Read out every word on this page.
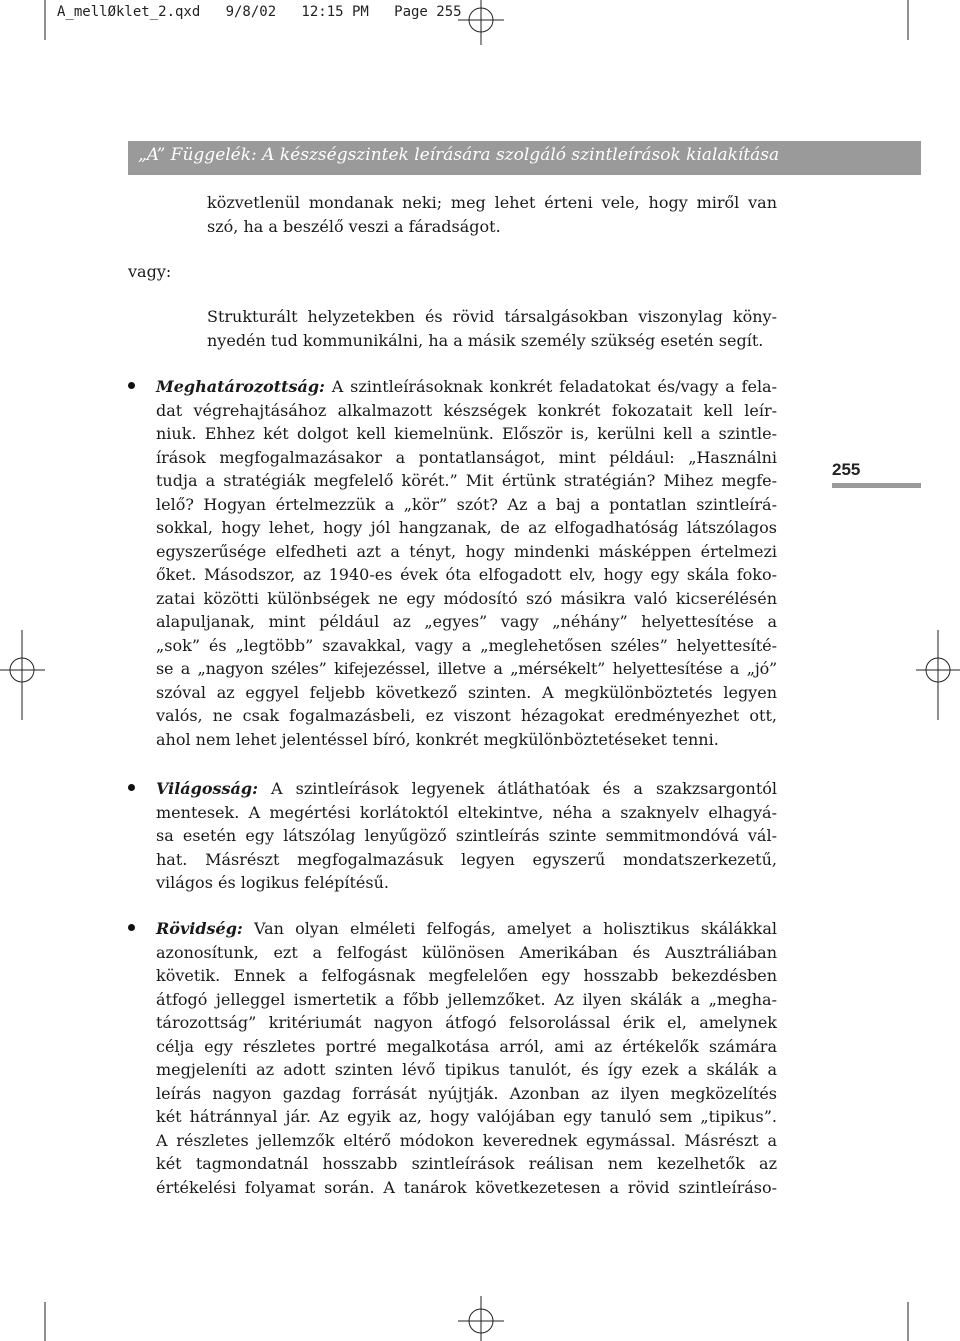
A_mellØklet_2.qxd   9/8/02   12:15 PM   Page 255
„A” Függelék: A készségszintek leírására szolgáló szintleírások kialakítása
255
közvetlenül mondanak neki; meg lehet érteni vele, hogy miről van
szó, ha a beszélő veszi a fáradságot.
vagy:
Strukturált helyzetekben és rövid társalgásokban viszonylag köny-
nyedén tud kommunikálni, ha a másik személy szükség esetén segít.
Meghatározottság: A szintleírásoknak konkrét feladatokat és/vagy a fela-
dat végrehajtásához alkalmazott készségek konkrét fokozatait kell leír-
niuk. Ehhez két dolgot kell kiemelnünk. Először is, kerülni kell a szintle-
írások megfogalmazásakor a pontatlanságot, mint például: „Használni
tudja a stratégiák megfelelő körét.” Mit értünk stratégián? Mihez megfe-
lelő? Hogyan értelmezzük a „kör” szót? Az a baj a pontatlan szintleírá-
sokkal, hogy lehet, hogy jól hangzanak, de az elfogadhatóság látszólagos
egyszerűsége elfedheti azt a tényt, hogy mindenki másképpen értelmezi
őket. Másodszor, az 1940-es évek óta elfogadott elv, hogy egy skála foko-
zatai közötti különbségek ne egy módosító szó másikra való kicserélésén
alapuljanak, mint például az „egyes” vagy „néhány” helyettesítése a
„sok” és „legtöbb” szavakkal, vagy a „meglehetősen széles” helyettesíté-
se a „nagyon széles” kifejezéssel, illetve a „mérsékelt” helyettesítése a „jó”
szóval az eggyel feljebb következő szinten. A megkülönböztetés legyen
valós, ne csak fogalmazásbeli, ez viszont hézagokat eredményezhet ott,
ahol nem lehet jelentéssel bíró, konkrét megkülönböztetéseket tenni.
Világosság: A szintleírások legyenek átláthatóak és a szakzsargontól
mentesek. A megértési korlátoktól eltekintve, néha a szaknyelv elhagyá-
sa esetén egy látszólag lenyűgöző szintleírás szinte semmitmondóvá vál-
hat. Másrészt megfogalmazásuk legyen egyszerű mondatszerkezetű,
világos és logikus felépítésű.
Rövidség: Van olyan elméleti felfogás, amelyet a holisztikus skálákkal
azonosítunk, ezt a felfogást különösen Amerikában és Ausztráliában
követik. Ennek a felfogásnak megfelelően egy hosszabb bekezdésben
átfogó jelleggel ismertetik a főbb jellemzőket. Az ilyen skálák a „megha-
tározottság” kritériumát nagyon átfogó felsorolással érik el, amelynek
célja egy részletes portré megalkotása arról, ami az értékelők számára
megjeleníti az adott szinten lévő tipikus tanulót, és így ezek a skálák a
leírás nagyon gazdag forrását nyújtják. Azonban az ilyen megközelítés
két hátránnyal jár. Az egyik az, hogy valójában egy tanuló sem „tipikus”.
A részletes jellemzők eltérő módokon keverednek egymással. Másrészt a
két tagmondatnál hosszabb szintleírások reálisan nem kezelhetők az
értékelési folyamat során. A tanárok következetesen a rövid szintleíráso-
